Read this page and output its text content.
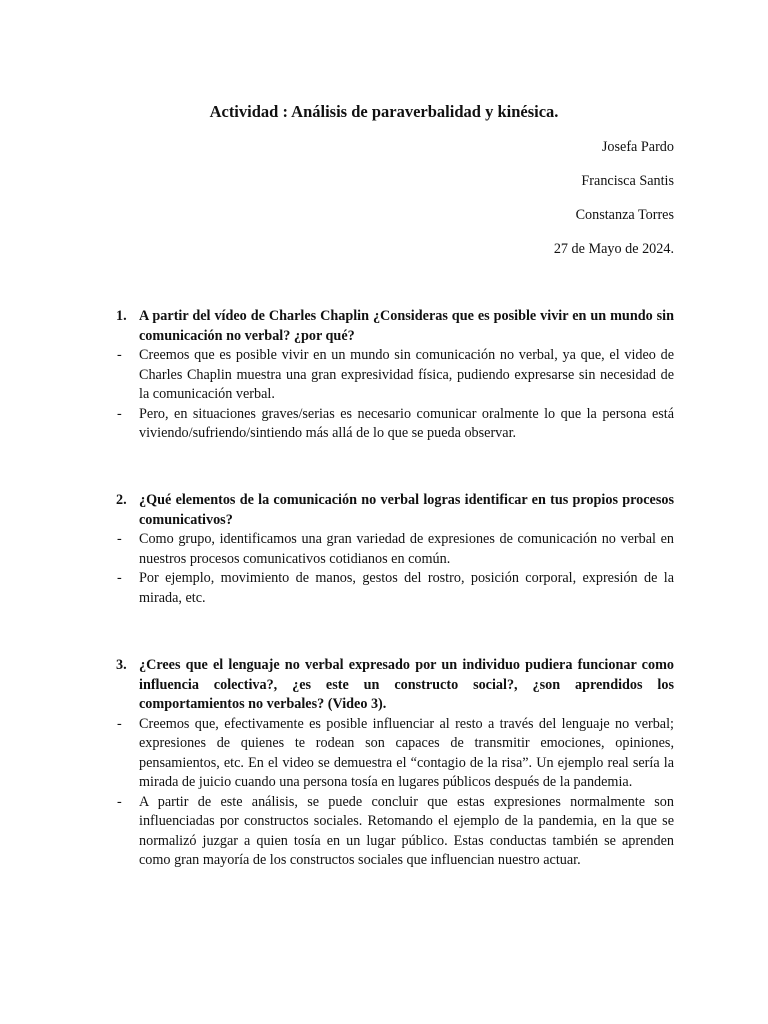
Actividad : Análisis de paraverbalidad y kinésica.
Josefa Pardo
Francisca Santis
Constanza Torres
27 de Mayo de 2024.
1. A partir del vídeo de Charles Chaplin ¿Consideras que es posible vivir en un mundo sin comunicación no verbal? ¿por qué?
-	Creemos que es posible vivir en un mundo sin comunicación no verbal, ya que, el video de Charles Chaplin muestra una gran expresividad física, pudiendo expresarse sin necesidad de la comunicación verbal.
-	Pero, en situaciones graves/serias es necesario comunicar oralmente lo que la persona está viviendo/sufriendo/sintiendo más allá de lo que se pueda observar.
2. ¿Qué elementos de la comunicación no verbal logras identificar en tus propios procesos comunicativos?
-	Como grupo, identificamos una gran variedad de expresiones de comunicación no verbal en nuestros procesos comunicativos cotidianos en común.
-	Por ejemplo, movimiento de manos, gestos del rostro, posición corporal, expresión de la mirada, etc.
3. ¿Crees que el lenguaje no verbal expresado por un individuo pudiera funcionar como influencia colectiva?, ¿es este un constructo social?, ¿son aprendidos los comportamientos no verbales? (Video 3).
-	Creemos que, efectivamente es posible influenciar al resto a través del lenguaje no verbal; expresiones de quienes te rodean son capaces de transmitir emociones, opiniones, pensamientos, etc. En el video se demuestra el “contagio de la risa”. Un ejemplo real sería la mirada de juicio cuando una persona tosía en lugares públicos después de la pandemia.
-	A partir de este análisis, se puede concluir que estas expresiones normalmente son influenciadas por constructos sociales. Retomando el ejemplo de la pandemia, en la que se normalizó juzgar a quien tosía en un lugar público. Estas conductas también se aprenden como gran mayoría de los constructos sociales que influencian nuestro actuar.
